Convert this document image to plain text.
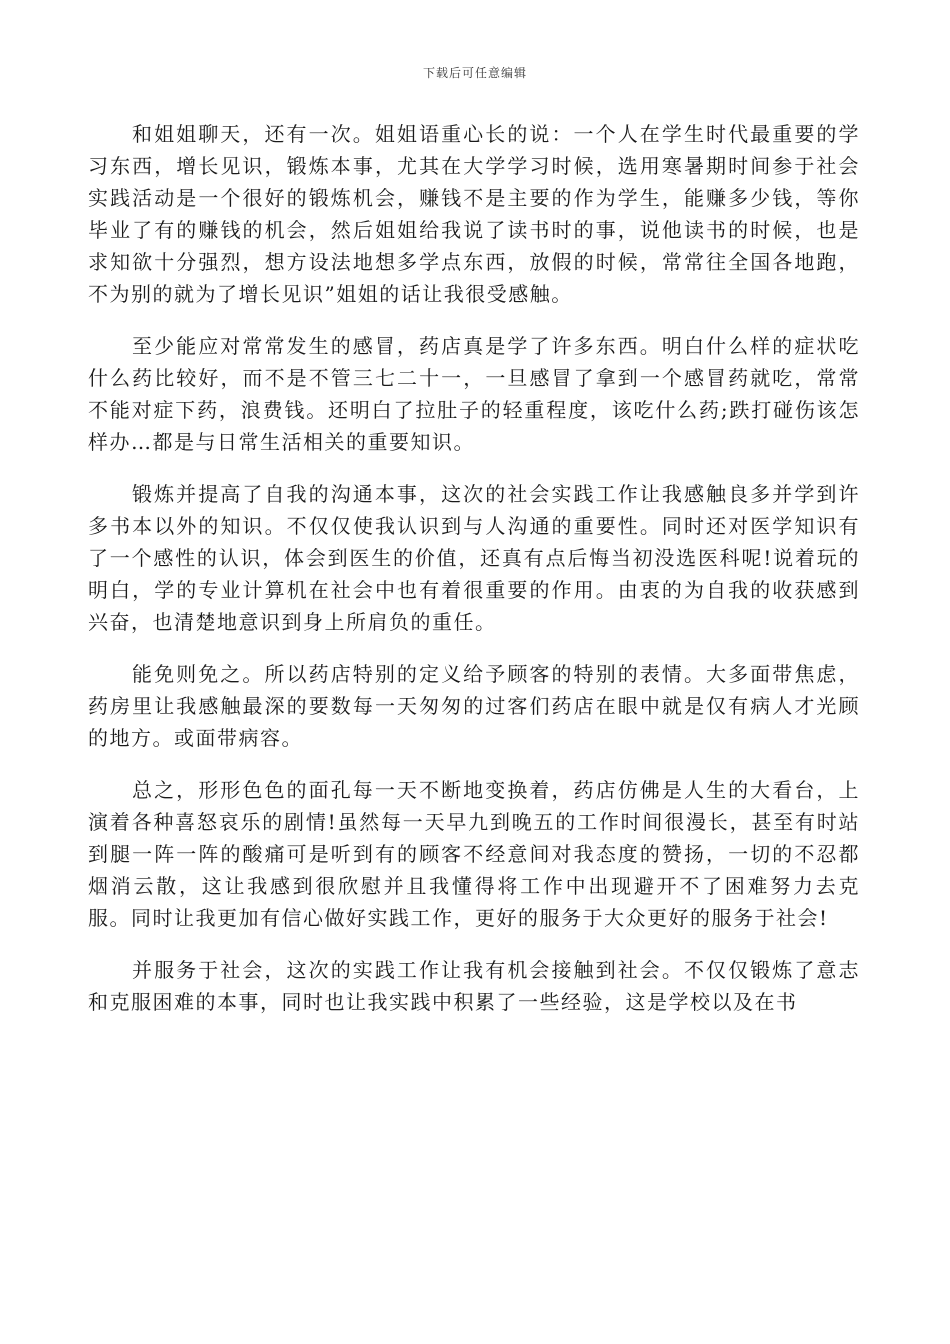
下载后可任意编辑

和姐姐聊天，还有一次。姐姐语重心长的说：一个人在学生时代最重要的学习东西，增长见识，锻炼本事，尤其在大学学习时候，选用寒暑期时间参于社会实践活动是一个很好的锻炼机会，赚钱不是主要的作为学生，能赚多少钱，等你毕业了有的赚钱的机会，然后姐姐给我说了读书时的事，说他读书的时候，也是求知欲十分强烈，想方设法地想多学点东西，放假的时候，常常往全国各地跑，不为别的就为了增长见识”姐姐的话让我很受感触。

至少能应对常常发生的感冒，药店真是学了许多东西。明白什么样的症状吃什么药比较好，而不是不管三七二十一，一旦感冒了拿到一个感冒药就吃，常常不能对症下药，浪费钱。还明白了拉肚子的轻重程度，该吃什么药;跌打碰伤该怎样办…都是与日常生活相关的重要知识。

锻炼并提高了自我的沟通本事，这次的社会实践工作让我感触良多并学到许多书本以外的知识。不仅仅使我认识到与人沟通的重要性。同时还对医学知识有了一个感性的认识，体会到医生的价值，还真有点后悔当初没选医科呢!说着玩的明白，学的专业计算机在社会中也有着很重要的作用。由衷的为自我的收获感到兴奋，也清楚地意识到身上所肩负的重任。

能免则免之。所以药店特别的定义给予顾客的特别的表情。大多面带焦虑，药房里让我感触最深的要数每一天匆匆的过客们药店在眼中就是仅有病人才光顾的地方。或面带病容。

总之，形形色色的面孔每一天不断地变换着，药店仿佛是人生的大看台，上演着各种喜怒哀乐的剧情!虽然每一天早九到晚五的工作时间很漫长，甚至有时站到腿一阵一阵的酸痛可是听到有的顾客不经意间对我态度的赞扬，一切的不忍都烟消云散，这让我感到很欣慰并且我懂得将工作中出现避开不了困难努力去克服。同时让我更加有信心做好实践工作，更好的服务于大众更好的服务于社会!

并服务于社会，这次的实践工作让我有机会接触到社会。不仅仅锻炼了意志和克服困难的本事，同时也让我实践中积累了一些经验，这是学校以及在书
